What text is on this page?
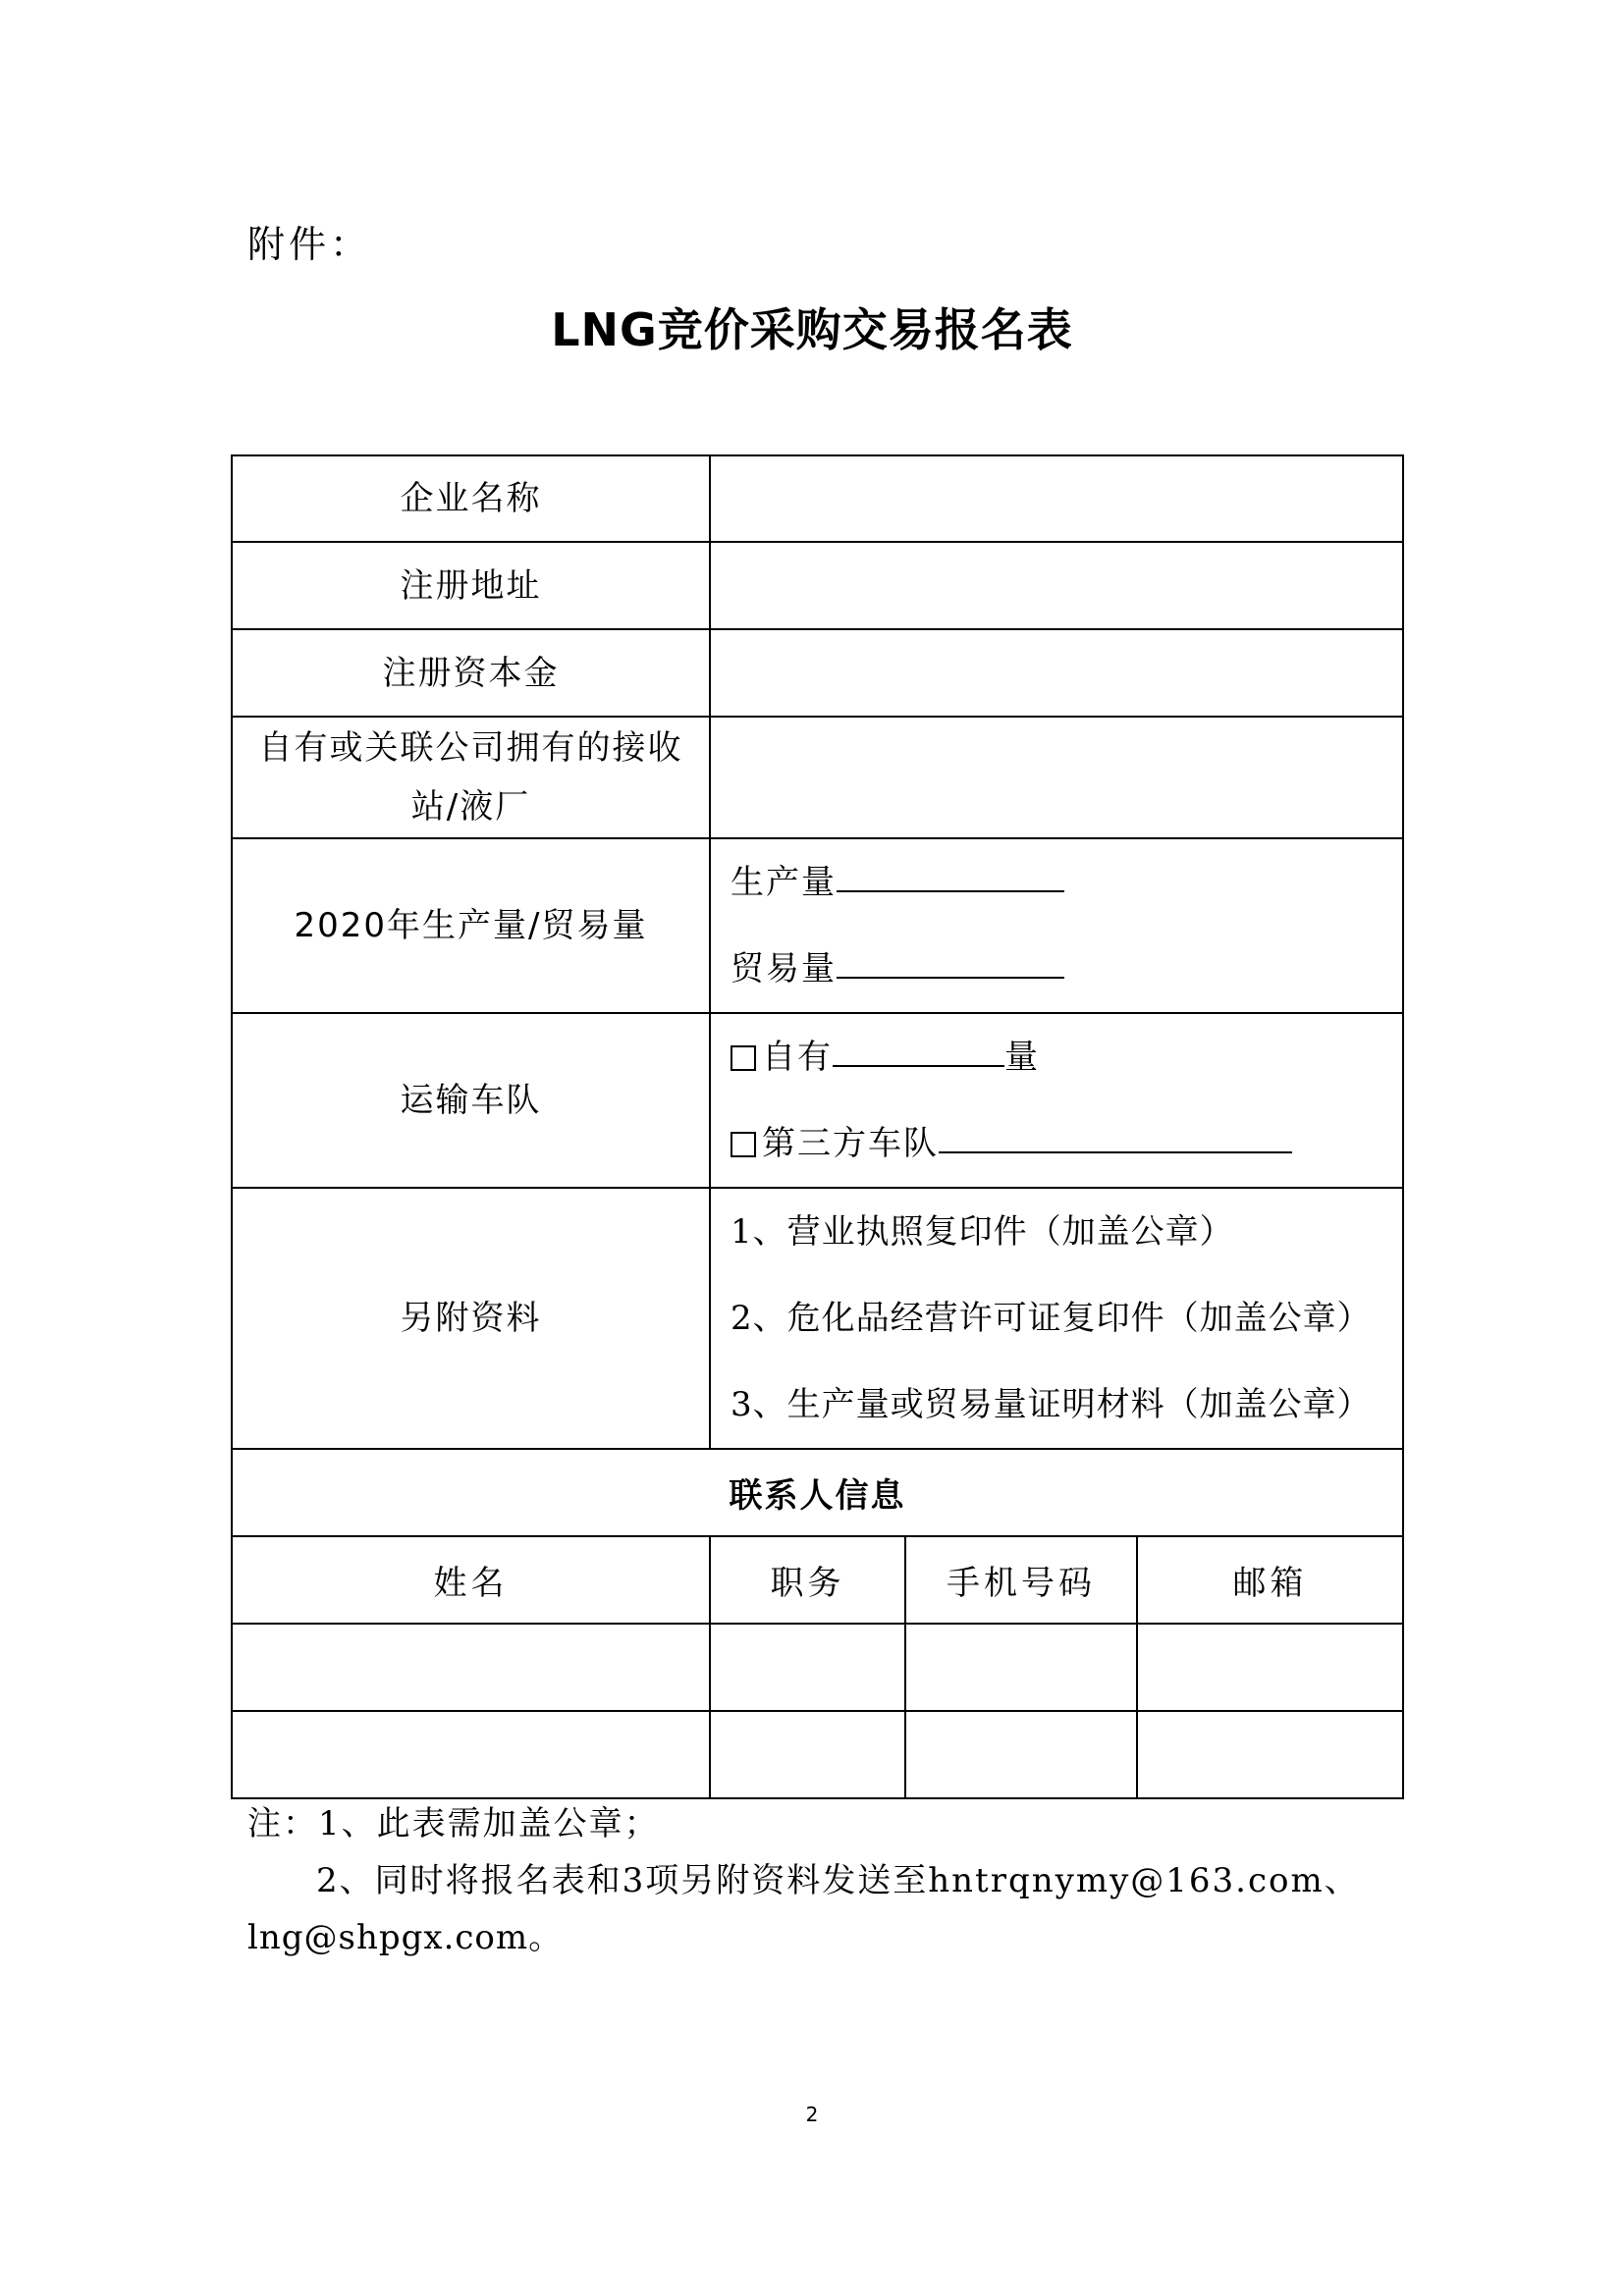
附件：
LNG竞价采购交易报名表
企业名称			
注册地址			
注册资本金			
自有或关联公司拥有的接收站/液厂			
2020年生产量/贸易量	生产量
贸易量		

运输车队	自有 量
第三方车队		

另附资料	1、营业执照复印件（加盖公章）
2、危化品经营许可证复印件（加盖公章）
3、生产量或贸易量证明材料（加盖公章）		

联系人信息			
姓名	职务	手机号码	邮箱

注：1、此表需加盖公章；
2、同时将报名表和3项另附资料发送至hntrqnymy@163.com、
lng@shpgx.com。
2
